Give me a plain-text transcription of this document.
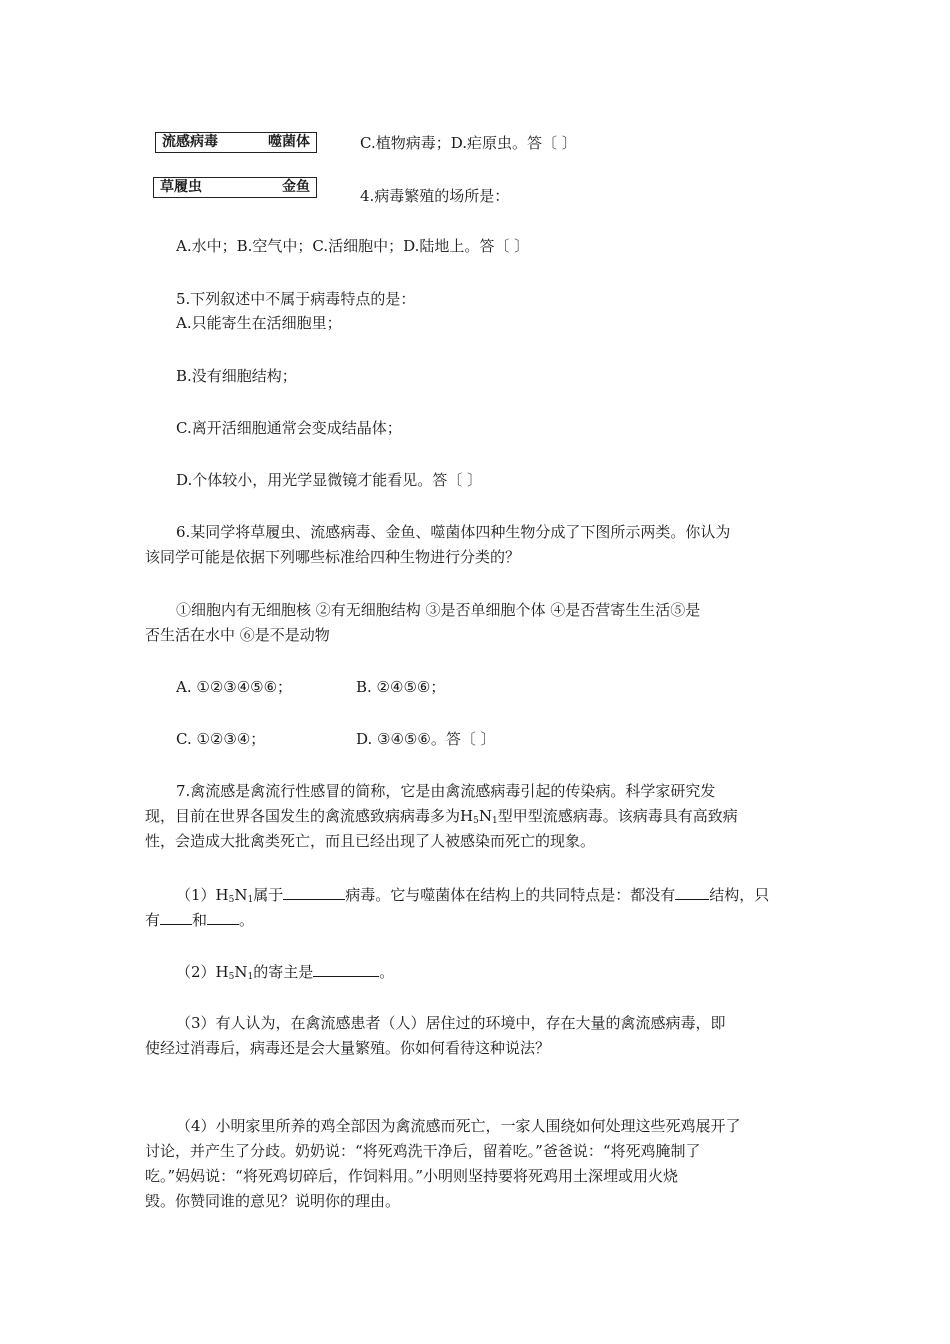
流感病毒	噬菌体
草履虫	金鱼
C.植物病毒；D.疟原虫。答〔 〕
4.病毒繁殖的场所是：
A.水中；B.空气中；C.活细胞中；D.陆地上。答〔 〕
5.下列叙述中不属于病毒特点的是：
A.只能寄生在活细胞里；
B.没有细胞结构；
C.离开活细胞通常会变成结晶体；
D.个体较小，用光学显微镜才能看见。答〔 〕
6.某同学将草履虫、流感病毒、金鱼、噬菌体四种生物分成了下图所示两类。你认为
该同学可能是依据下列哪些标准给四种生物进行分类的？
①细胞内有无细胞核 ②有无细胞结构 ③是否单细胞个体 ④是否营寄生生活⑤是
否生活在水中 ⑥是不是动物
A. ①②③④⑤⑥；	B. ②④⑤⑥；
C. ①②③④；	D. ③④⑤⑥。答〔 〕
7.禽流感是禽流行性感冒的简称，它是由禽流感病毒引起的传染病。科学家研究发
现，目前在世界各国发生的禽流感致病病毒多为$H_5N_1$型甲型流感病毒。该病毒具有高致病
性，会造成大批禽类死亡，而且已经出现了人被感染而死亡的现象。
$(1)H_5N_1$属于	病毒。它与噬菌体在结构上的共同特点是：都没有 结构，只
有 和 。
$(2)H_5N_1$的寄主是	。
（3）有人认为，在禽流感患者（人）居住过的环境中，存在大量的禽流感病毒，即
使经过消毒后，病毒还是会大量繁殖。你如何看待这种说法？
（4）小明家里所养的鸡全部因为禽流感而死亡，一家人围绕如何处理这些死鸡展开了
讨论，并产生了分歧。奶奶说：“将死鸡洗干净后，留着吃。”爸爸说：“将死鸡腌制了
吃。”妈妈说：“将死鸡切碎后，作饲料用。”小明则坚持要将死鸡用土深埋或用火烧
毁。你赞同谁的意见？说明你的理由。
